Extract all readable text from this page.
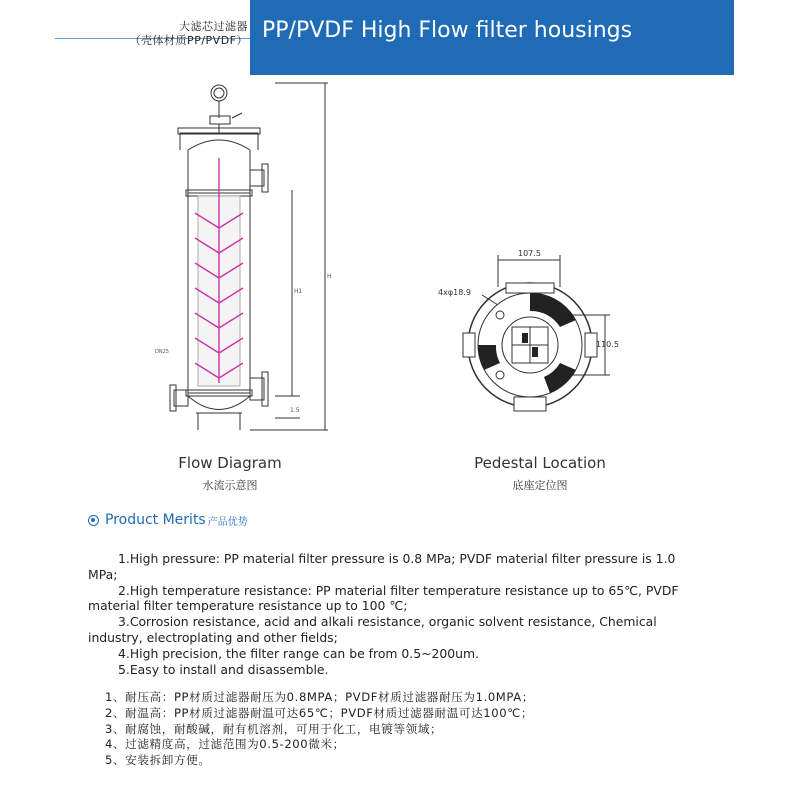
大滤芯过滤器
（壳体材质PP/PVDF） PP/PVDF High Flow filter housings
H1
H
1.5
DN25
Flow Diagram
水流示意图
107.5
4xφ18.9
110.5
Pedestal Location
底座定位图
Product Merits 产品优势

1.High pressure: PP material filter pressure is 0.8 MPa; PVDF material filter pressure is 1.0 MPa;

2.High temperature resistance: PP material filter temperature resistance up to 65℃, PVDF material filter temperature resistance up to 100 ℃;

3.Corrosion resistance, acid and alkali resistance, organic solvent resistance, Chemical industry, electroplating and other fields;

4.High precision, the filter range can be from 0.5~200um.

5.Easy to install and disassemble.

1、耐压高：PP材质过滤器耐压为0.8MPA；PVDF材质过滤器耐压为1.0MPA；

2、耐温高：PP材质过滤器耐温可达65℃；PVDF材质过滤器耐温可达100℃；

3、耐腐蚀，耐酸碱，耐有机溶剂，可用于化工，电镀等领域；

4、过滤精度高，过滤范围为0.5-200微米；

5、安装拆卸方便。
